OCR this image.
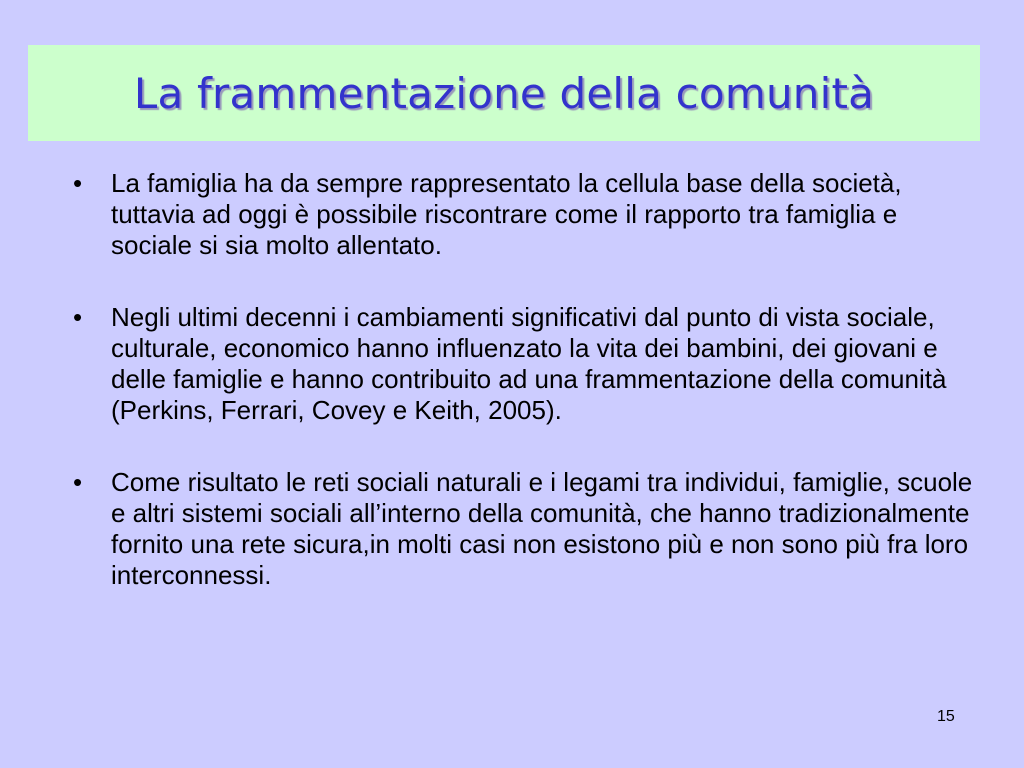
La frammentazione della comunità
• La famiglia ha da sempre rappresentato la cellula base della società, tuttavia ad oggi è possibile riscontrare come il rapporto tra famiglia e sociale si sia molto allentato.
• Negli ultimi decenni i cambiamenti significativi dal punto di vista sociale, culturale, economico hanno influenzato la vita dei bambini, dei giovani e delle famiglie e hanno contribuito ad una frammentazione della comunità (Perkins, Ferrari, Covey e Keith, 2005).
• Come risultato le reti sociali naturali e i legami tra individui, famiglie, scuole e altri sistemi sociali all’interno della comunità, che hanno tradizionalmente fornito una rete sicura,in molti casi non esistono più e non sono più fra loro interconnessi.
15
